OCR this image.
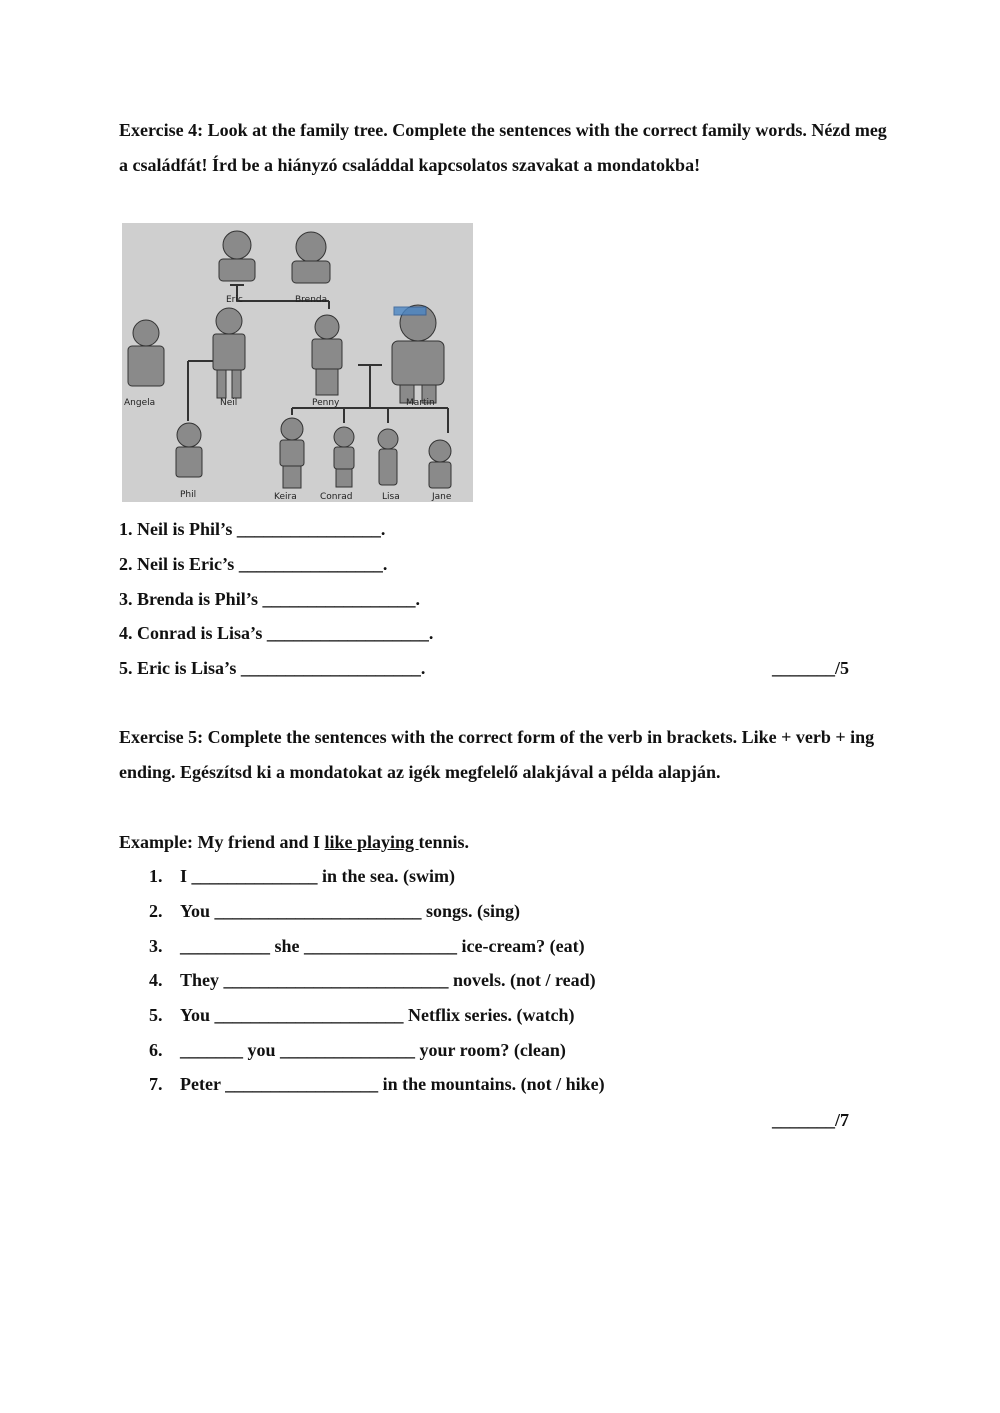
Exercise 4: Look at the family tree. Complete the sentences with the correct family words. Nézd meg a családfát! Írd be a hiányzó családdal kapcsolatos szavakat a mondatokba!

Eric	Brenda
Angela	Neil	Penny	Martin
Phil	Keira	Conrad	Lisa	Jane
1. Neil is Phil’s ________________.
2. Neil is Eric’s ________________.
3. Brenda is Phil’s _________________.
4. Conrad is Lisa’s __________________.
5. Eric is Lisa’s ____________________.	_______/5

Exercise 5: Complete the sentences with the correct form of the verb in brackets. Like + verb + ing ending. Egészítsd ki a mondatokat az igék megfelelő alakjával a példa alapján.

Example: My friend and I like playing tennis.
1. I ______________ in the sea. (swim)
2. You _______________________ songs. (sing)
3. __________ she _________________ ice-cream? (eat)
4. They _________________________ novels. (not / read)
5. You _____________________ Netflix series. (watch)
6. _______ you _______________ your room? (clean)
7. Peter _________________ in the mountains. (not / hike)
_______/7
